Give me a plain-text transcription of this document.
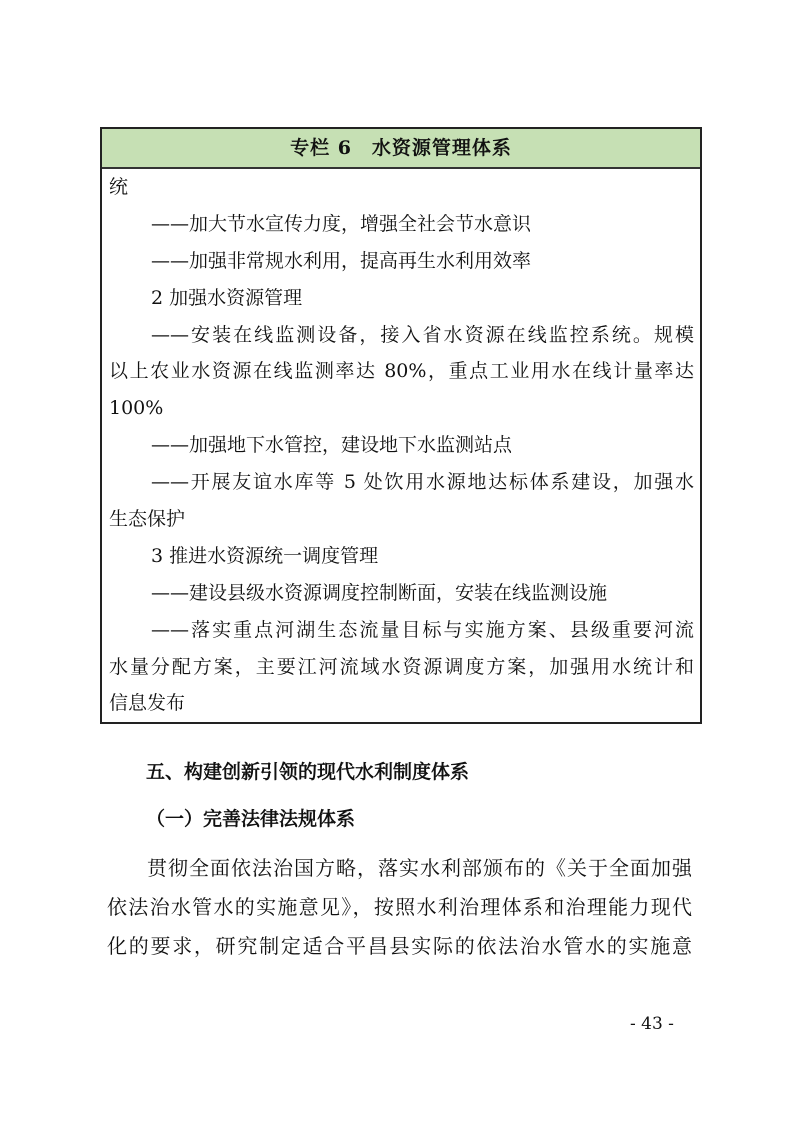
专栏 6　水资源管理体系
统
——加大节水宣传力度，增强全社会节水意识
——加强非常规水利用，提高再生水利用效率
2 加强水资源管理
——安装在线监测设备，接入省水资源在线监控系统。规模
以上农业水资源在线监测率达 80%，重点工业用水在线计量率达
100%
——加强地下水管控，建设地下水监测站点
——开展友谊水库等 5 处饮用水源地达标体系建设，加强水
生态保护
3 推进水资源统一调度管理
——建设县级水资源调度控制断面，安装在线监测设施
——落实重点河湖生态流量目标与实施方案、县级重要河流
水量分配方案，主要江河流域水资源调度方案，加强用水统计和
信息发布
五、构建创新引领的现代水利制度体系
（一）完善法律法规体系
贯彻全面依法治国方略，落实水利部颁布的《关于全面加强
依法治水管水的实施意见》，按照水利治理体系和治理能力现代
化的要求，研究制定适合平昌县实际的依法治水管水的实施意
- 43 -
